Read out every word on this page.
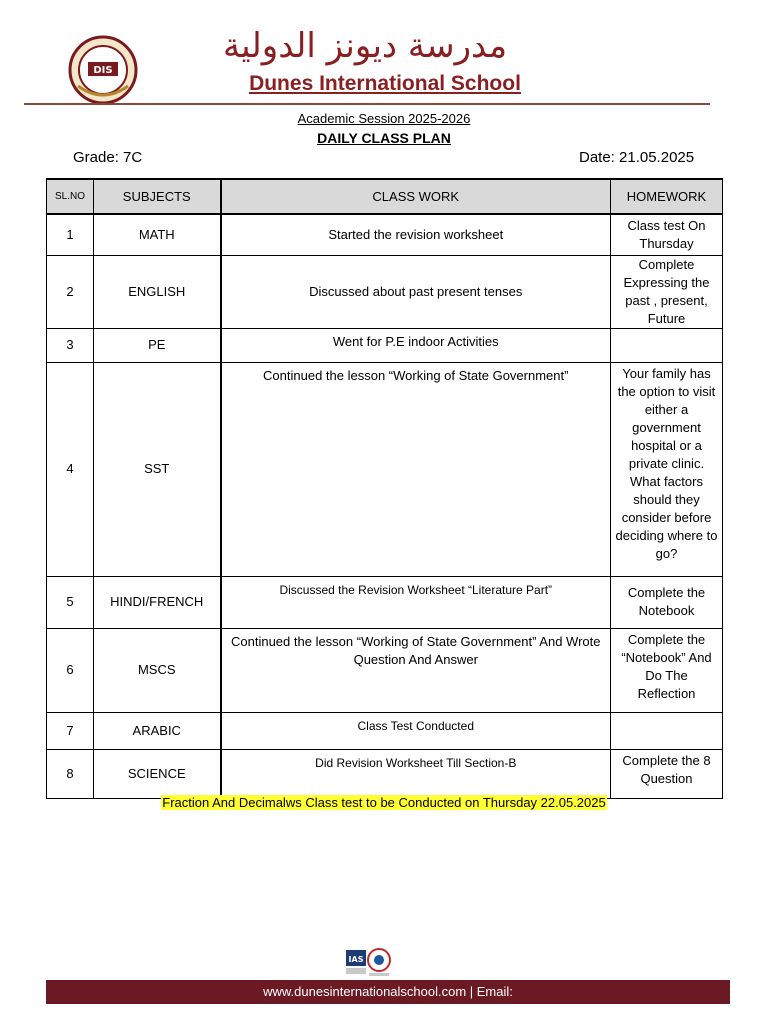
DIS
مدرسة ديونز الدولية
Dunes International School
Academic Session 2025-2026
DAILY CLASS PLAN
Grade: 7C	Date: 21.05.2025
SL.NO	SUBJECTS	CLASS WORK	HOMEWORK
1	MATH	Started the revision worksheet	Class test On Thursday
2	ENGLISH	Discussed about past present tenses	Complete Expressing the past , present, Future
3	PE	Went for P.E indoor Activities	
4	SST	Continued the lesson “Working of State Government”	Your family has the option to visit either a government hospital or a private clinic. What factors should they consider before deciding where to go?
5	HINDI/FRENCH	Discussed the Revision Worksheet “Literature Part”	Complete the Notebook
6	MSCS	Continued the lesson “Working of State Government” And Wrote Question And Answer	Complete the “Notebook” And Do The Reflection
7	ARABIC	Class Test Conducted	
8	SCIENCE	Did Revision Worksheet Till Section-B	Complete the 8 Question
Fraction And Decimalws Class test to be Conducted on Thursday 22.05.2025
IAS
www.dunesinternationalschool.com | Email:
